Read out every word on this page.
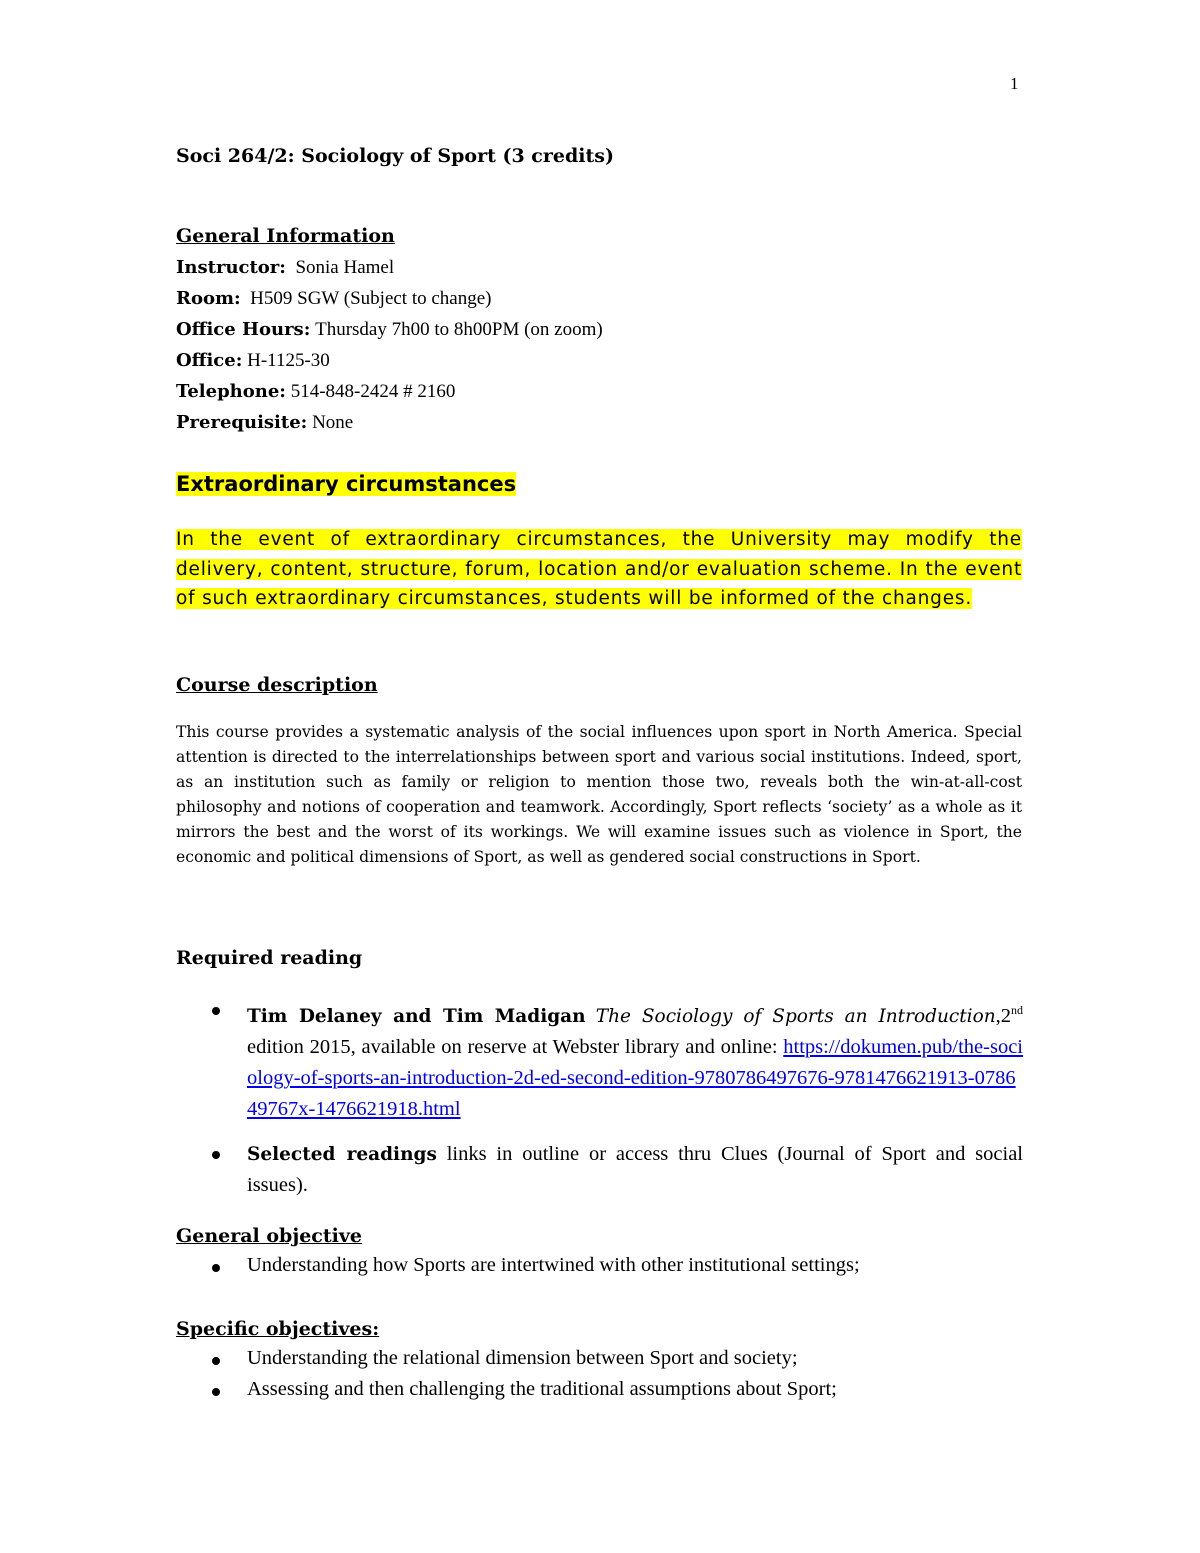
1
Soci 264/2: Sociology of Sport (3 credits)
General Information
Instructor: Sonia Hamel
Room: H509 SGW (Subject to change)
Office Hours: Thursday 7h00 to 8h00PM (on zoom)
Office: H-1125-30
Telephone: 514-848-2424 # 2160
Prerequisite: None
Extraordinary circumstances
In the event of extraordinary circumstances, the University may modify the delivery, content, structure, forum, location and/or evaluation scheme. In the event of such extraordinary circumstances, students will be informed of the changes.
Course description
This course provides a systematic analysis of the social influences upon sport in North America. Special attention is directed to the interrelationships between sport and various social institutions. Indeed, sport, as an institution such as family or religion to mention those two, reveals both the win-at-all-cost philosophy and notions of cooperation and teamwork. Accordingly, Sport reflects ‘society’ as a whole as it mirrors the best and the worst of its workings. We will examine issues such as violence in Sport, the economic and political dimensions of Sport, as well as gendered social constructions in Sport.
Required reading
Tim Delaney and Tim Madigan The Sociology of Sports an Introduction,2nd edition 2015, available on reserve at Webster library and online: https://dokumen.pub/the-sociology-of-sports-an-introduction-2d-ed-second-edition-9780786497676-9781476621913-078649767x-1476621918.html
Selected readings links in outline or access thru Clues (Journal of Sport and social issues).
General objective
Understanding how Sports are intertwined with other institutional settings;
Specific objectives:
Understanding the relational dimension between Sport and society;
Assessing and then challenging the traditional assumptions about Sport;
